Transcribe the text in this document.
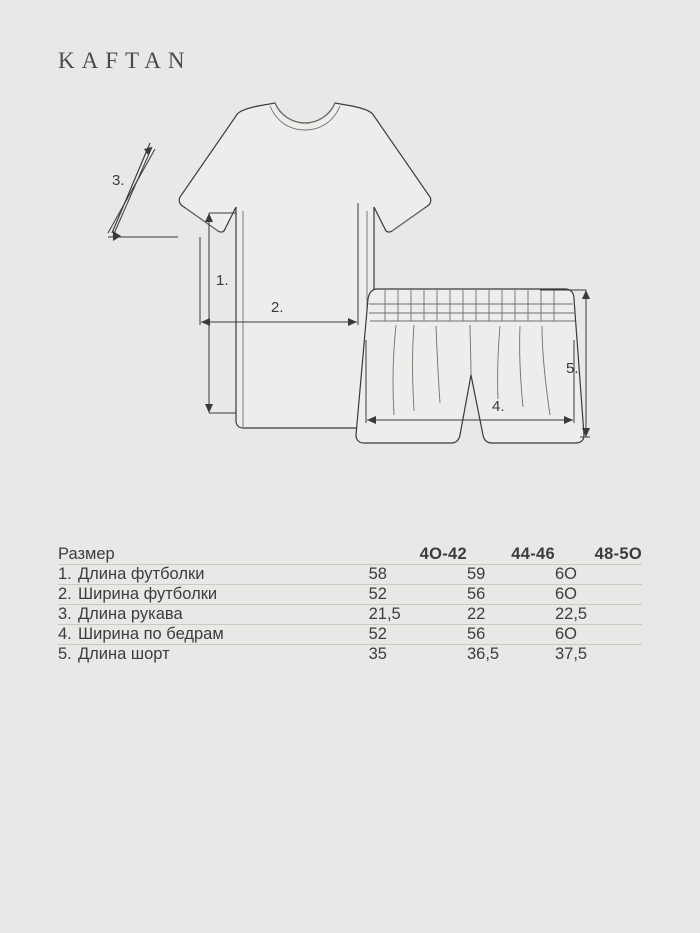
KAFTAN
2.
1.
3.
4.
5.
Размер	4О-42	44-46	48-5О
1. Длина футболки	58	59	6О
2. Ширина футболки	52	56	6О
3. Длина рукава	21,5	22	22,5
4. Ширина по бедрам	52	56	6О
5. Длина шорт	35	36,5	37,5
